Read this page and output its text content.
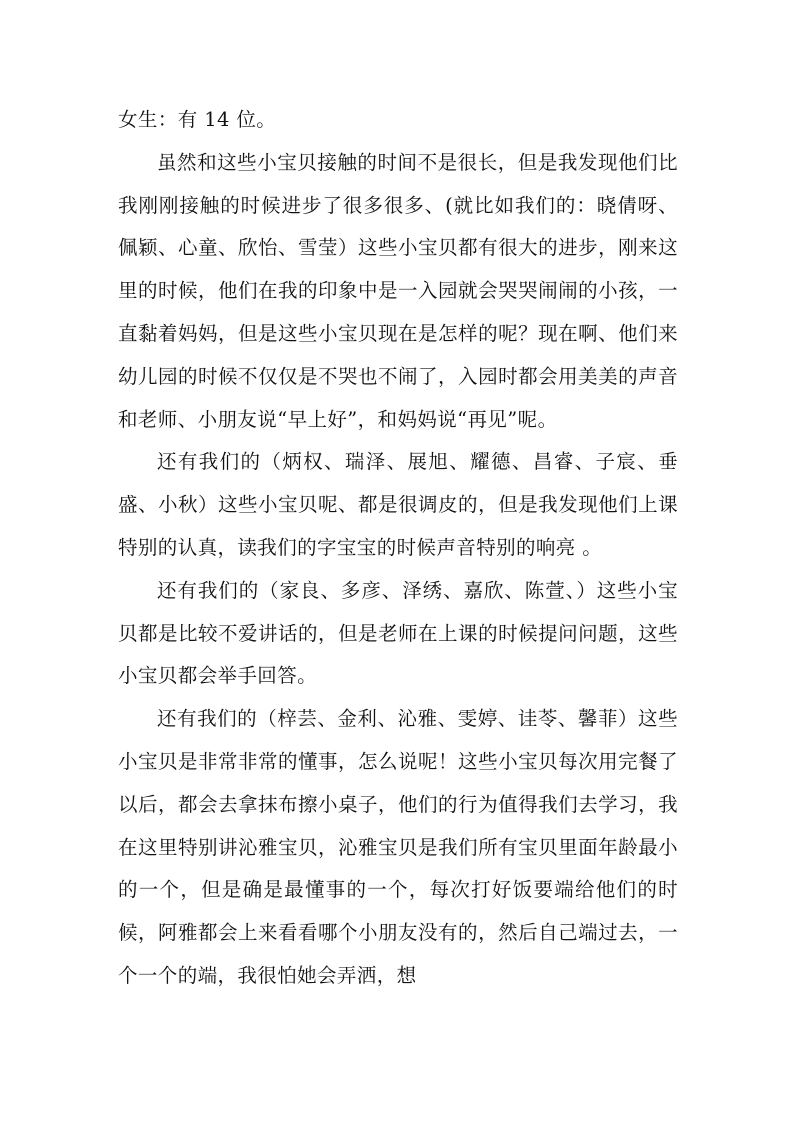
女生：有 14 位。

虽然和这些小宝贝接触的时间不是很长，但是我发现他们比我刚刚接触的时候进步了很多很多、(就比如我们的：晓倩呀、佩颖、心童、欣怡、雪莹）这些小宝贝都有很大的进步，刚来这里的时候，他们在我的印象中是一入园就会哭哭闹闹的小孩，一直黏着妈妈，但是这些小宝贝现在是怎样的呢？现在啊、他们来幼儿园的时候不仅仅是不哭也不闹了，入园时都会用美美的声音和老师、小朋友说“早上好”，和妈妈说“再见”呢。

还有我们的（炳权、瑞泽、展旭、耀德、昌睿、子宸、垂盛、小秋）这些小宝贝呢、都是很调皮的，但是我发现他们上课特别的认真，读我们的字宝宝的时候声音特别的响亮 。

还有我们的（家良、多彦、泽绣、嘉欣、陈萱、）这些小宝贝都是比较不爱讲话的，但是老师在上课的时候提问问题，这些小宝贝都会举手回答。

还有我们的（梓芸、金利、沁雅、雯婷、诖苓、馨菲）这些小宝贝是非常非常的懂事，怎么说呢！这些小宝贝每次用完餐了以后，都会去拿抹布擦小桌子，他们的行为值得我们去学习，我在这里特别讲沁雅宝贝，沁雅宝贝是我们所有宝贝里面年龄最小的一个，但是确是最懂事的一个，每次打好饭要端给他们的时候，阿雅都会上来看看哪个小朋友没有的，然后自己端过去，一个一个的端，我很怕她会弄洒，想
